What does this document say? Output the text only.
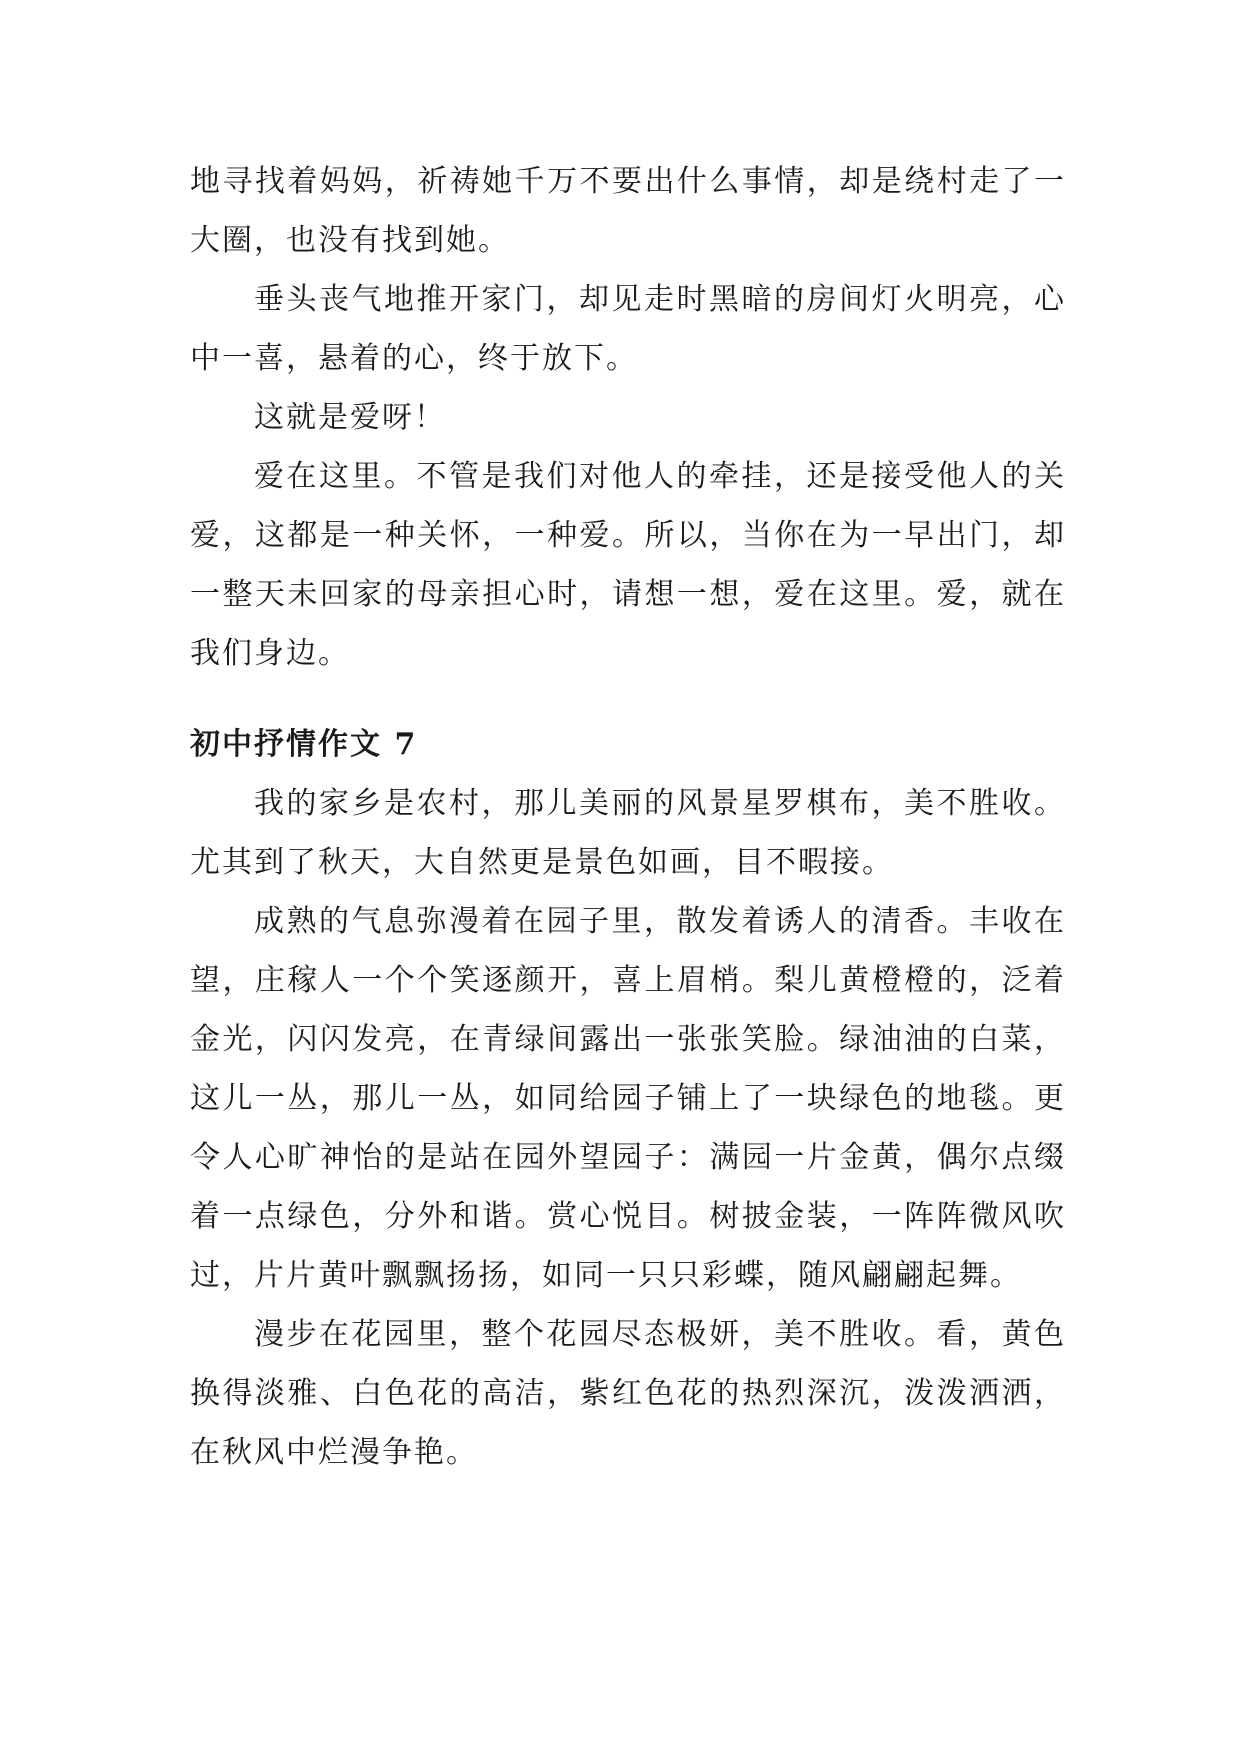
地寻找着妈妈，祈祷她千万不要出什么事情，却是绕村走了一大圈，也没有找到她。

垂头丧气地推开家门，却见走时黑暗的房间灯火明亮，心中一喜，悬着的心，终于放下。

这就是爱呀！

爱在这里。不管是我们对他人的牵挂，还是接受他人的关爱，这都是一种关怀，一种爱。所以，当你在为一早出门，却一整天未回家的母亲担心时，请想一想，爱在这里。爱，就在我们身边。

初中抒情作文 7

我的家乡是农村，那儿美丽的风景星罗棋布，美不胜收。尤其到了秋天，大自然更是景色如画，目不暇接。

成熟的气息弥漫着在园子里，散发着诱人的清香。丰收在望，庄稼人一个个笑逐颜开，喜上眉梢。梨儿黄橙橙的，泛着金光，闪闪发亮，在青绿间露出一张张笑脸。绿油油的白菜，这儿一丛，那儿一丛，如同给园子铺上了一块绿色的地毯。更令人心旷神怡的是站在园外望园子：满园一片金黄，偶尔点缀着一点绿色，分外和谐。赏心悦目。树披金装，一阵阵微风吹过，片片黄叶飘飘扬扬，如同一只只彩蝶，随风翩翩起舞。

漫步在花园里，整个花园尽态极妍，美不胜收。看，黄色换得淡雅、白色花的高洁，紫红色花的热烈深沉，泼泼洒洒，在秋风中烂漫争艳。
